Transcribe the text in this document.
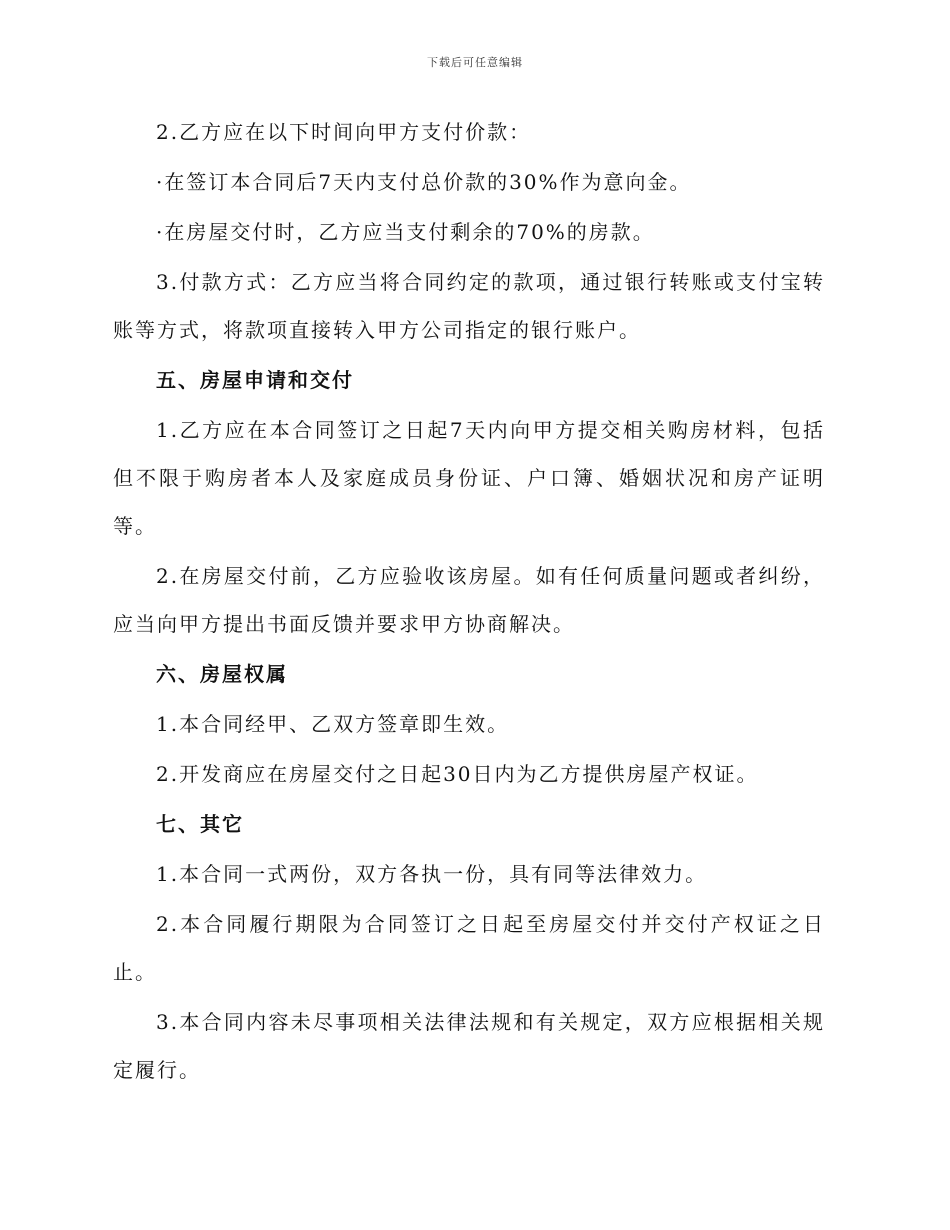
下载后可任意编辑

2.乙方应在以下时间向甲方支付价款：

·在签订本合同后7天内支付总价款的30%作为意向金。

·在房屋交付时，乙方应当支付剩余的70%的房款。

3.付款方式：乙方应当将合同约定的款项，通过银行转账或支付宝转账等方式，将款项直接转入甲方公司指定的银行账户。

五、房屋申请和交付

1.乙方应在本合同签订之日起7天内向甲方提交相关购房材料，包括但不限于购房者本人及家庭成员身份证、户口簿、婚姻状况和房产证明等。

2.在房屋交付前，乙方应验收该房屋。如有任何质量问题或者纠纷，应当向甲方提出书面反馈并要求甲方协商解决。

六、房屋权属

1.本合同经甲、乙双方签章即生效。

2.开发商应在房屋交付之日起30日内为乙方提供房屋产权证。

七、其它

1.本合同一式两份，双方各执一份，具有同等法律效力。

2.本合同履行期限为合同签订之日起至房屋交付并交付产权证之日止。

3.本合同内容未尽事项相关法律法规和有关规定，双方应根据相关规定履行。
